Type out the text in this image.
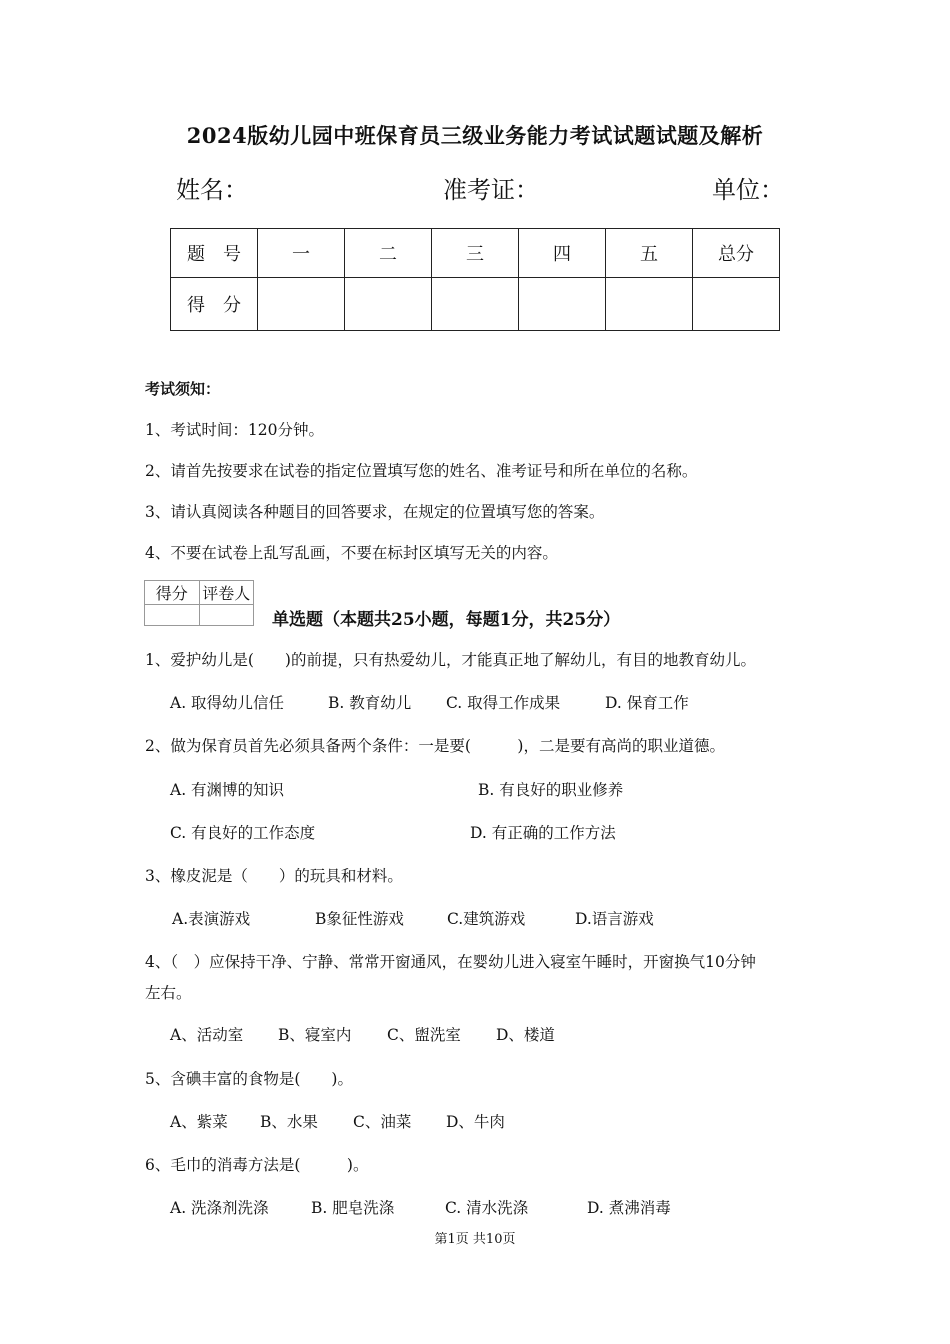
2024版幼儿园中班保育员三级业务能力考试试题试题及解析
姓名：	准考证：	单位：
题　号	一	二	三	四	五	总分
得　分						
考试须知：
1、考试时间：120分钟。
2、请首先按要求在试卷的指定位置填写您的姓名、准考证号和所在单位的名称。
3、请认真阅读各种题目的回答要求，在规定的位置填写您的答案。
4、不要在试卷上乱写乱画，不要在标封区填写无关的内容。
得分	评卷人

单选题（本题共25小题，每题1分，共25分）
1、爱护幼儿是(　　)的前提，只有热爱幼儿，才能真正地了解幼儿，有目的地教育幼儿。
A. 取得幼儿信任	B. 教育幼儿 C. 取得工作成果	D. 保育工作
2、做为保育员首先必须具备两个条件：一是要(　　　)，二是要有高尚的职业道德。
A. 有渊博的知识	B. 有良好的职业修养
C. 有良好的工作态度	D. 有正确的工作方法
3、橡皮泥是（　　）的玩具和材料。
A.表演游戏	B象征性游戏	C.建筑游戏	D.语言游戏
4、（　）应保持干净、宁静、常常开窗通风，在婴幼儿进入寝室午睡时，开窗换气10分钟
左右。
A、活动室 B、寝室内 C、盥洗室 D、楼道
5、含碘丰富的食物是(　　)。
A、紫菜 B、水果 C、油菜 D、牛肉
6、毛巾的消毒方法是(　　　)。
A. 洗涤剂洗涤	B. 肥皂洗涤	C. 清水洗涤	D. 煮沸消毒
第1页 共10页
